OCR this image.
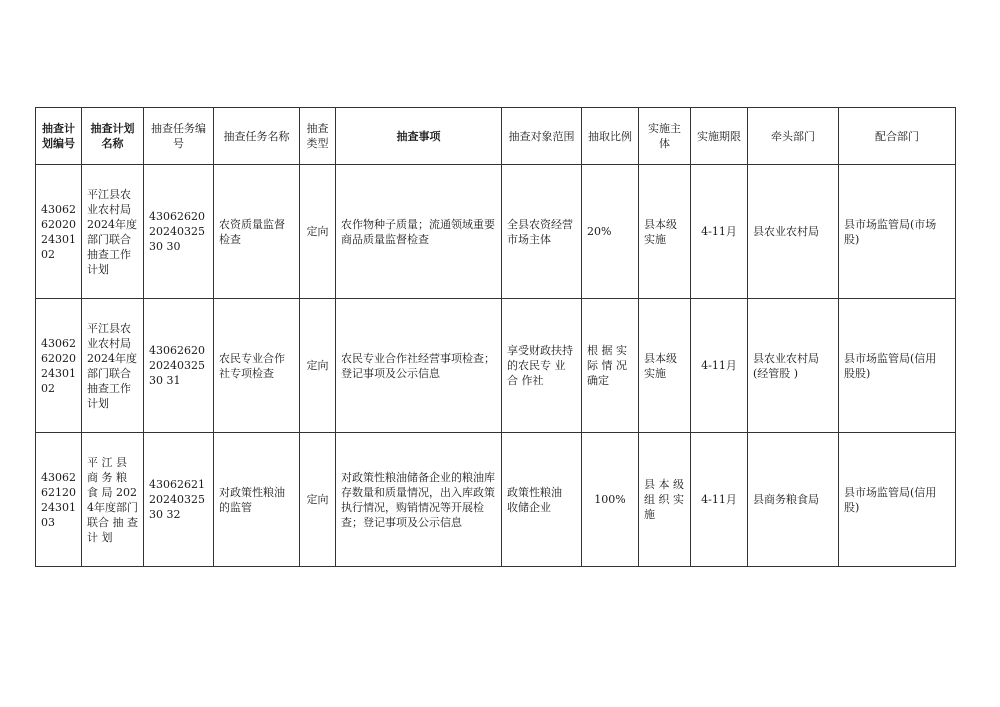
抽查计划编号	抽查计划名称	抽查任务编号	抽查任务名称	抽查类型	抽查事项	抽查对象范围	抽取比例	实施主体	实施期限	牵头部门	配合部门
43062620202430102	平江县农业农村局 2024年度 部门联合抽查工作计划	430626202024032530 30	农资质量监督检查	定向	农作物种子质量；流通领域重要商品质量监督检查	全县农资经营市场主体	20%	县本级 实施	4-11月	县农业农村局	县市场监管局(市场 股)
43062620202430102	平江县农业农村局 2024年度 部门联合抽查工作计划	430626202024032530 31	农民专业合作 社专项检查	定向	农民专业合作社经营事项检查；登记事项及公示信息	享受财政扶持的农民专 业 合 作社	根 据 实 际 情 况 确定	县本级 实施	4-11月	县农业农村局 (经管股 )	县市场监管局(信用 股股)
43062621202430103	平 江 县 商 务 粮 食 局 2024年度部门联合 抽 查 计 划	430626212024032530 32	对政策性粮油 的监管	定向	对政策性粮油储备企业的粮油库存数量和质量情况，出入库政策执行情况，购销情况等开展检查；登记事项及公示信息	政策性粮油 收储企业	100%	县 本 级 组 织 实 施	4-11月	县商务粮食局	县市场监管局(信用 股)
